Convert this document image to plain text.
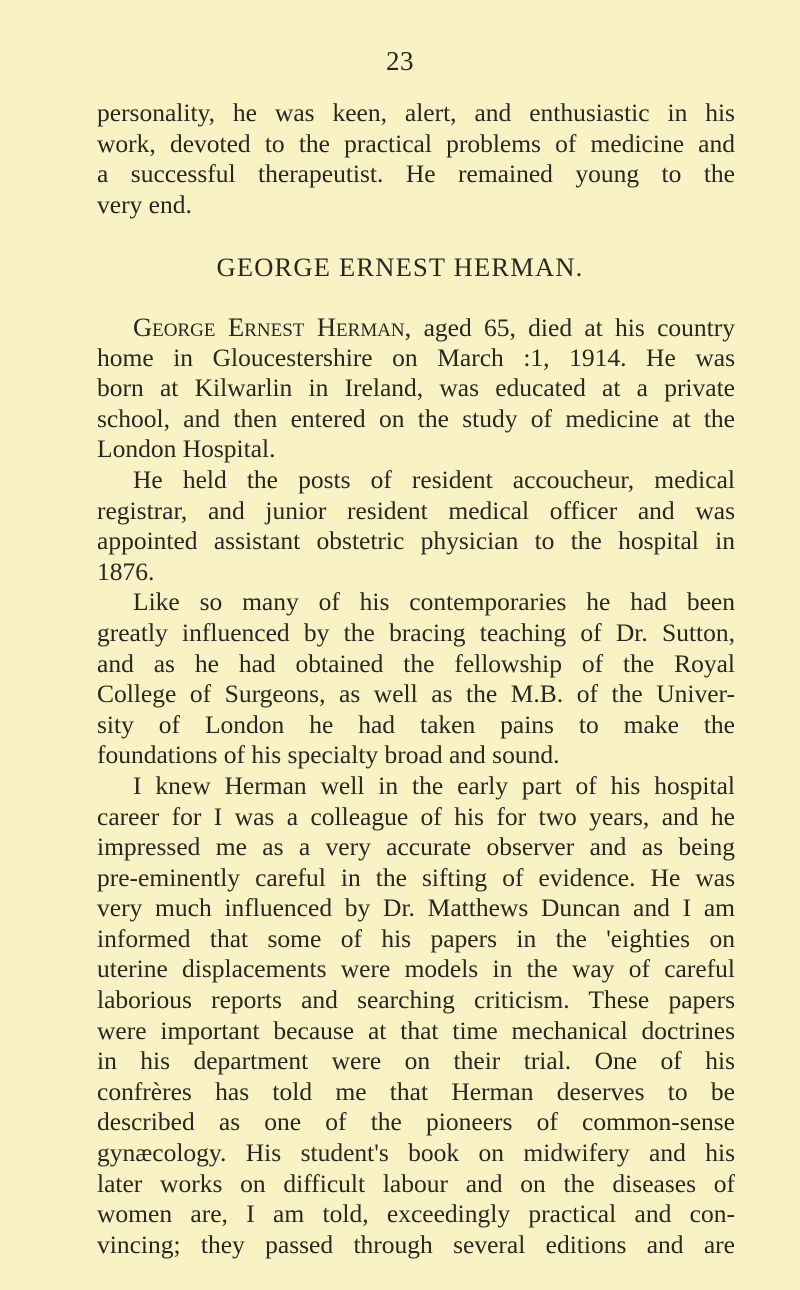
23
personality, he was keen, alert, and enthusiastic in his
work, devoted to the practical problems of medicine and
a successful therapeutist. He remained young to the
very end.
GEORGE ERNEST HERMAN.
George Ernest Herman, aged 65, died at his country
home in Gloucestershire on March :1, 1914. He was
born at Kilwarlin in Ireland, was educated at a private
school, and then entered on the study of medicine at the
London Hospital.
He held the posts of resident accoucheur, medical
registrar, and junior resident medical officer and was
appointed assistant obstetric physician to the hospital in
1876.
Like so many of his contemporaries he had been
greatly influenced by the bracing teaching of Dr. Sutton,
and as he had obtained the fellowship of the Royal
College of Surgeons, as well as the M.B. of the Univer-
sity of London he had taken pains to make the
foundations of his specialty broad and sound.
I knew Herman well in the early part of his hospital
career for I was a colleague of his for two years, and he
impressed me as a very accurate observer and as being
pre-eminently careful in the sifting of evidence. He was
very much influenced by Dr. Matthews Duncan and I am
informed that some of his papers in the 'eighties on
uterine displacements were models in the way of careful
laborious reports and searching criticism. These papers
were important because at that time mechanical doctrines
in his department were on their trial. One of his
confrères has told me that Herman deserves to be
described as one of the pioneers of common-sense
gynæcology. His student's book on midwifery and his
later works on difficult labour and on the diseases of
women are, I am told, exceedingly practical and con-
vincing; they passed through several editions and are
